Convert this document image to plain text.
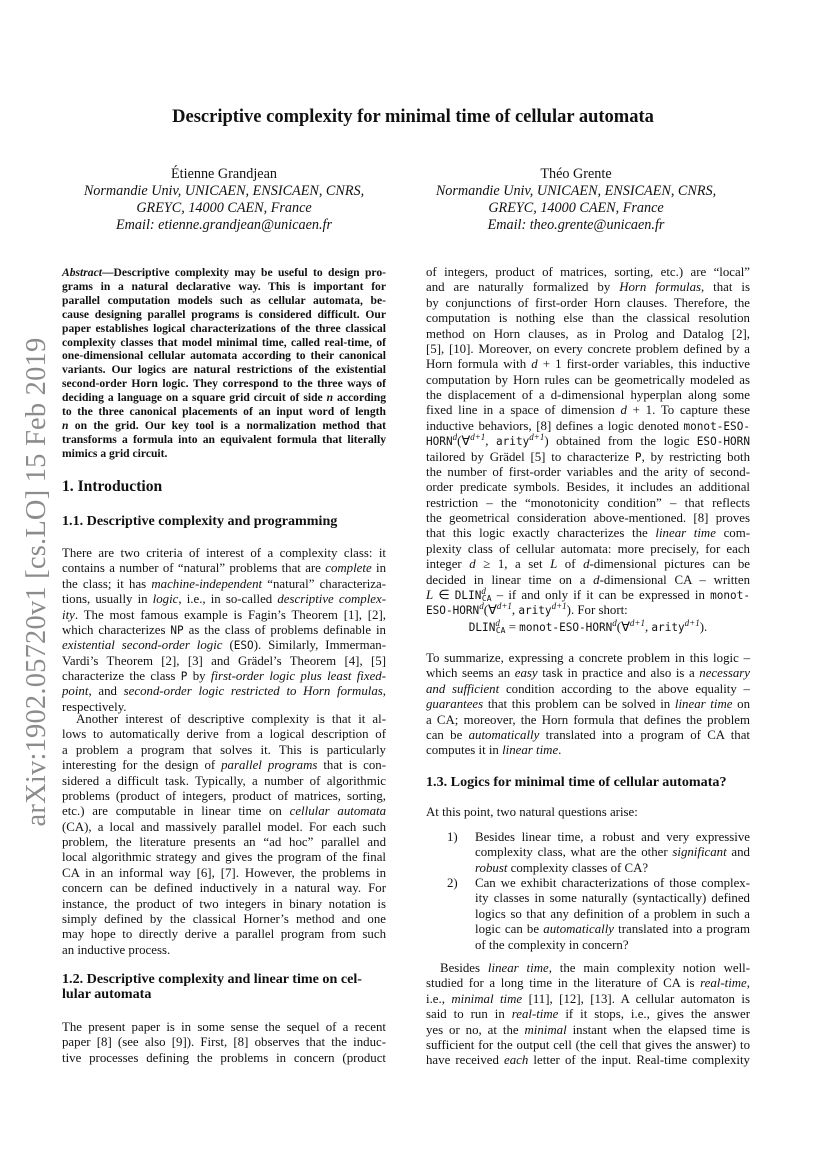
arXiv:1902.05720v1 [cs.LO] 15 Feb 2019
Descriptive complexity for minimal time of cellular automata
Étienne Grandjean
Normandie Univ, UNICAEN, ENSICAEN, CNRS,
GREYC, 14000 CAEN, France
Email: etienne.grandjean@unicaen.fr
Théo Grente
Normandie Univ, UNICAEN, ENSICAEN, CNRS,
GREYC, 14000 CAEN, France
Email: theo.grente@unicaen.fr
Abstract—Descriptive complexity may be useful to design pro-
grams in a natural declarative way. This is important for
parallel computation models such as cellular automata, be-
cause designing parallel programs is considered difficult. Our
paper establishes logical characterizations of the three classical
complexity classes that model minimal time, called real-time, of
one-dimensional cellular automata according to their canonical
variants. Our logics are natural restrictions of the existential
second-order Horn logic. They correspond to the three ways of
deciding a language on a square grid circuit of side n according
to the three canonical placements of an input word of length
n on the grid. Our key tool is a normalization method that
transforms a formula into an equivalent formula that literally
mimics a grid circuit.
1. Introduction
1.1. Descriptive complexity and programming
There are two criteria of interest of a complexity class: it
contains a number of “natural” problems that are complete in
the class; it has machine-independent “natural” characteriza-
tions, usually in logic, i.e., in so-called descriptive complex-
ity. The most famous example is Fagin’s Theorem [1], [2],
which characterizes NP as the class of problems definable in
existential second-order logic (ESO). Similarly, Immerman-
Vardi’s Theorem [2], [3] and Grädel’s Theorem [4], [5]
characterize the class P by first-order logic plus least fixed-
point, and second-order logic restricted to Horn formulas,
respectively.
Another interest of descriptive complexity is that it al-
lows to automatically derive from a logical description of
a problem a program that solves it. This is particularly
interesting for the design of parallel programs that is con-
sidered a difficult task. Typically, a number of algorithmic
problems (product of integers, product of matrices, sorting,
etc.) are computable in linear time on cellular automata
(CA), a local and massively parallel model. For each such
problem, the literature presents an “ad hoc” parallel and
local algorithmic strategy and gives the program of the final
CA in an informal way [6], [7]. However, the problems in
concern can be defined inductively in a natural way. For
instance, the product of two integers in binary notation is
simply defined by the classical Horner’s method and one
may hope to directly derive a parallel program from such
an inductive process.
1.2. Descriptive complexity and linear time on cel-
lular automata
The present paper is in some sense the sequel of a recent
paper [8] (see also [9]). First, [8] observes that the induc-
tive processes defining the problems in concern (product
of integers, product of matrices, sorting, etc.) are “local”
and are naturally formalized by Horn formulas, that is
by conjunctions of first-order Horn clauses. Therefore, the
computation is nothing else than the classical resolution
method on Horn clauses, as in Prolog and Datalog [2],
[5], [10]. Moreover, on every concrete problem defined by a
Horn formula with d + 1 first-order variables, this inductive
computation by Horn rules can be geometrically modeled as
the displacement of a d-dimensional hyperplan along some
fixed line in a space of dimension d + 1. To capture these
inductive behaviors, [8] defines a logic denoted monot-ESO-
HORN$^d$(∀$^{d+1}$, arity$^{d+1}$) obtained from the logic ESO-HORN
tailored by Grädel [5] to characterize P, by restricting both
the number of first-order variables and the arity of second-
order predicate symbols. Besides, it includes an additional
restriction – the “monotonicity condition” – that reflects
the geometrical consideration above-mentioned. [8] proves
that this logic exactly characterizes the linear time com-
plexity class of cellular automata: more precisely, for each
integer d ≥ 1, a set L of d-dimensional pictures can be
decided in linear time on a d-dimensional CA – written
L ∈ DLIN$^d$CA – if and only if it can be expressed in monot-
ESO-HORN$^d$(∀$^{d+1}$, arity$^{d+1}$). For short:
$DLIN^dCA$ = monot-$ESO-HORN^d(\forall^{d+1}$, arity$^{d+1}$).
To summarize, expressing a concrete problem in this logic –
which seems an easy task in practice and also is a necessary
and sufficient condition according to the above equality –
guarantees that this problem can be solved in linear time on
a CA; moreover, the Horn formula that defines the problem
can be automatically translated into a program of CA that
computes it in linear time.
1.3. Logics for minimal time of cellular automata?
At this point, two natural questions arise:
1) Besides linear time, a robust and very expressive
complexity class, what are the other significant and
robust complexity classes of CA?
2) Can we exhibit characterizations of those complex-
ity classes in some naturally (syntactically) defined
logics so that any definition of a problem in such a
logic can be automatically translated into a program
of the complexity in concern?
Besides linear time, the main complexity notion well-
studied for a long time in the literature of CA is real-time,
i.e., minimal time [11], [12], [13]. A cellular automaton is
said to run in real-time if it stops, i.e., gives the answer
yes or no, at the minimal instant when the elapsed time is
sufficient for the output cell (the cell that gives the answer) to
have received each letter of the input. Real-time complexity
